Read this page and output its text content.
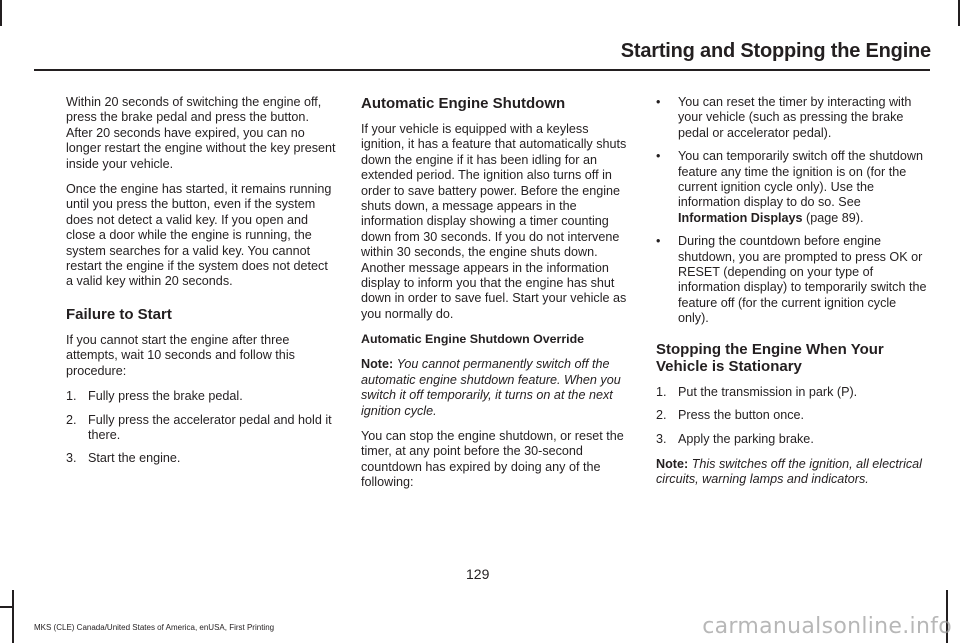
Starting and Stopping the Engine

Within 20 seconds of switching the engine off, press the brake pedal and press the button. After 20 seconds have expired, you can no longer restart the engine without the key present inside your vehicle.

Once the engine has started, it remains running until you press the button, even if the system does not detect a valid key. If you open and close a door while the engine is running, the system searches for a valid key. You cannot restart the engine if the system does not detect a valid key within 20 seconds.

Failure to Start

If you cannot start the engine after three attempts, wait 10 seconds and follow this procedure:

1. Fully press the brake pedal.
2. Fully press the accelerator pedal and hold it there.
3. Start the engine.
Automatic Engine Shutdown

If your vehicle is equipped with a keyless ignition, it has a feature that automatically shuts down the engine if it has been idling for an extended period. The ignition also turns off in order to save battery power. Before the engine shuts down, a message appears in the information display showing a timer counting down from 30 seconds. If you do not intervene within 30 seconds, the engine shuts down. Another message appears in the information display to inform you that the engine has shut down in order to save fuel. Start your vehicle as you normally do.

Automatic Engine Shutdown Override

Note: You cannot permanently switch off the automatic engine shutdown feature. When you switch it off temporarily, it turns on at the next ignition cycle.

You can stop the engine shutdown, or reset the timer, at any point before the 30-second countdown has expired by doing any of the following:

•	You can reset the timer by interacting with your vehicle (such as pressing the brake pedal or accelerator pedal).
•	You can temporarily switch off the shutdown feature any time the ignition is on (for the current ignition cycle only). Use the information display to do so. See Information Displays (page 89).
•	During the countdown before engine shutdown, you are prompted to press OK or RESET (depending on your type of information display) to temporarily switch the feature off (for the current ignition cycle only).
Stopping the Engine When Your Vehicle is Stationary
1. Put the transmission in park (P).
2. Press the button once.
3. Apply the parking brake.

Note: This switches off the ignition, all electrical circuits, warning lamps and indicators.

129
MKS (CLE) Canada/United States of America, enUSA, First Printing	carmanualsonline.info
